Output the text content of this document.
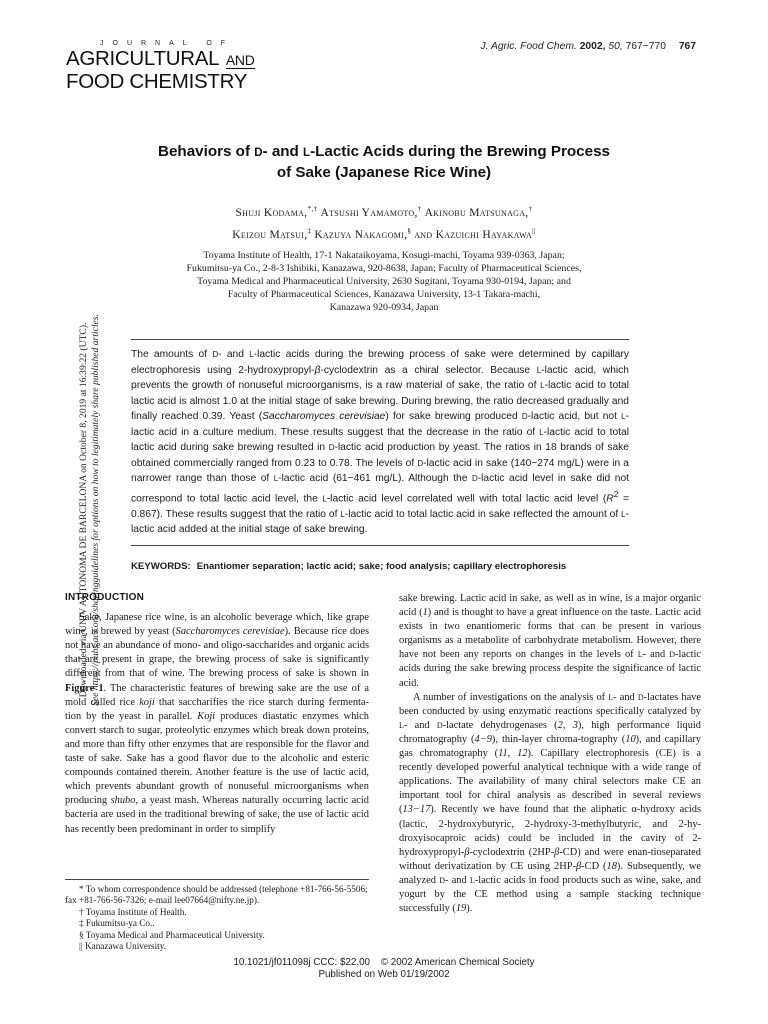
JOURNAL OF
AGRICULTURAL AND
FOOD CHEMISTRY
J. Agric. Food Chem. 2002, 50, 767−770 767

Downloaded via UNIV AUTONOMA DE BARCELONA on October 8, 2019 at 16:39:22 (UTC). See https://pubs.acs.org/sharingguidelines for options on how to legitimately share published articles.

Behaviors of D- and L-Lactic Acids during the Brewing Process
of Sake (Japanese Rice Wine)

Shuji Kodama,*,† Atsushi Yamamoto,† Akinobu Matsunaga,†
Keizou Matsui,‡ Kazuya Nakagomi,§ and Kazuichi Hayakawa||

Toyama Institute of Health, 17-1 Nakataikoyama, Kosugi-machi, Toyama 939-0363, Japan;
Fukumitsu-ya Co., 2-8-3 Ishibiki, Kanazawa, 920-8638, Japan; Faculty of Pharmaceutical Sciences,
Toyama Medical and Pharmaceutical University, 2630 Sugitani, Toyama 930-0194, Japan; and
Faculty of Pharmaceutical Sciences, Kanazawa University, 13-1 Takara-machi,
Kanazawa 920-0934, Japan

The amounts of D- and L-lactic acids during the brewing process of sake were determined by capillary electrophoresis using 2-hydroxypropyl-β-cyclodextrin as a chiral selector. Because L-lactic acid, which prevents the growth of nonuseful microorganisms, is a raw material of sake, the ratio of L-lactic acid to total lactic acid is almost 1.0 at the initial stage of sake brewing. During brewing, the ratio decreased gradually and finally reached 0.39. Yeast (Saccharomyces cerevisiae) for sake brewing produced D-lactic acid, but not L-lactic acid in a culture medium. These results suggest that the decrease in the ratio of L-lactic acid to total lactic acid during sake brewing resulted in D-lactic acid production by yeast. The ratios in 18 brands of sake obtained commercially ranged from 0.23 to 0.78. The levels of D-lactic acid in sake (140−274 mg/L) were in a narrower range than those of L-lactic acid (61−461 mg/L). Although the D-lactic acid level in sake did not correspond to total lactic acid level, the L-lactic acid level correlated well with total lactic acid level $(R^2 = 0.867)$. These results suggest that the ratio of L-lactic acid to total lactic acid in sake reflected the amount of L-lactic acid added at the initial stage of sake brewing.

KEYWORDS: Enantiomer separation; lactic acid; sake; food analysis; capillary electrophoresis

INTRODUCTION

Sake, Japanese rice wine, is an alcoholic beverage which, like grape wine, is brewed by yeast (Saccharomyces cerevisiae). Because rice does not have an abundance of mono- and oligo-saccharides and organic acids that are present in grape, the brewing process of sake is significantly different from that of wine. The brewing process of sake is shown in Figure 1. The characteristic features of brewing sake are the use of a mold called rice koji that saccharifies the rice starch during fermenta-tion by the yeast in parallel. Koji produces diastatic enzymes which convert starch to sugar, proteolytic enzymes which break down proteins, and more than fifty other enzymes that are responsible for the flavor and taste of sake. Sake has a good flavor due to the alcoholic and esteric compounds contained therein. Another feature is the use of lactic acid, which prevents abundant growth of nonuseful microorganisms when producing shubo, a yeast mash. Whereas naturally occurring lactic acid bacteria are used in the traditional brewing of sake, the use of lactic acid has recently been predominant in order to simplify

* To whom correspondence should be addressed (telephone +81-766-56-5506; fax +81-766-56-7326; e-mail lee07664@nifty.ne.jp).

† Toyama Institute of Health.

‡ Fukumitsu-ya Co..

§ Toyama Medical and Pharmaceutical University.

|| Kanazawa University.

sake brewing. Lactic acid in sake, as well as in wine, is a major organic acid (1) and is thought to have a great influence on the taste. Lactic acid exists in two enantiomeric forms that can be present in various organisms as a metabolite of carbohydrate metabolism. However, there have not been any reports on changes in the levels of L- and D-lactic acids during the sake brewing process despite the significance of lactic acid.

A number of investigations on the analysis of L- and D-lactates have been conducted by using enzymatic reactions specifically catalyzed by L- and D-lactate dehydrogenases (2, 3), high performance liquid chromatography (4−9), thin-layer chroma-tography (10), and capillary gas chromatography (11, 12). Capillary electrophoresis (CE) is a recently developed powerful analytical technique with a wide range of applications. The availability of many chiral selectors make CE an important tool for chiral analysis as described in several reviews (13−17). Recently we have found that the aliphatic α-hydroxy acids (lactic, 2-hydroxybutyric, 2-hydroxy-3-methylbutyric, and 2-hy-droxyisocaproic acids) could be included in the cavity of 2-hydroxypropyl-β-cyclodextrin (2HP-β-CD) and were enan-tioseparated without derivatization by CE using 2HP-β-CD (18). Subsequently, we analyzed D- and L-lactic acids in food products such as wine, sake, and yogurt by the CE method using a sample stacking technique successfully (19).

10.1021/jf011098j CCC: $22.00 © 2002 American Chemical Society

Published on Web 01/19/2002
